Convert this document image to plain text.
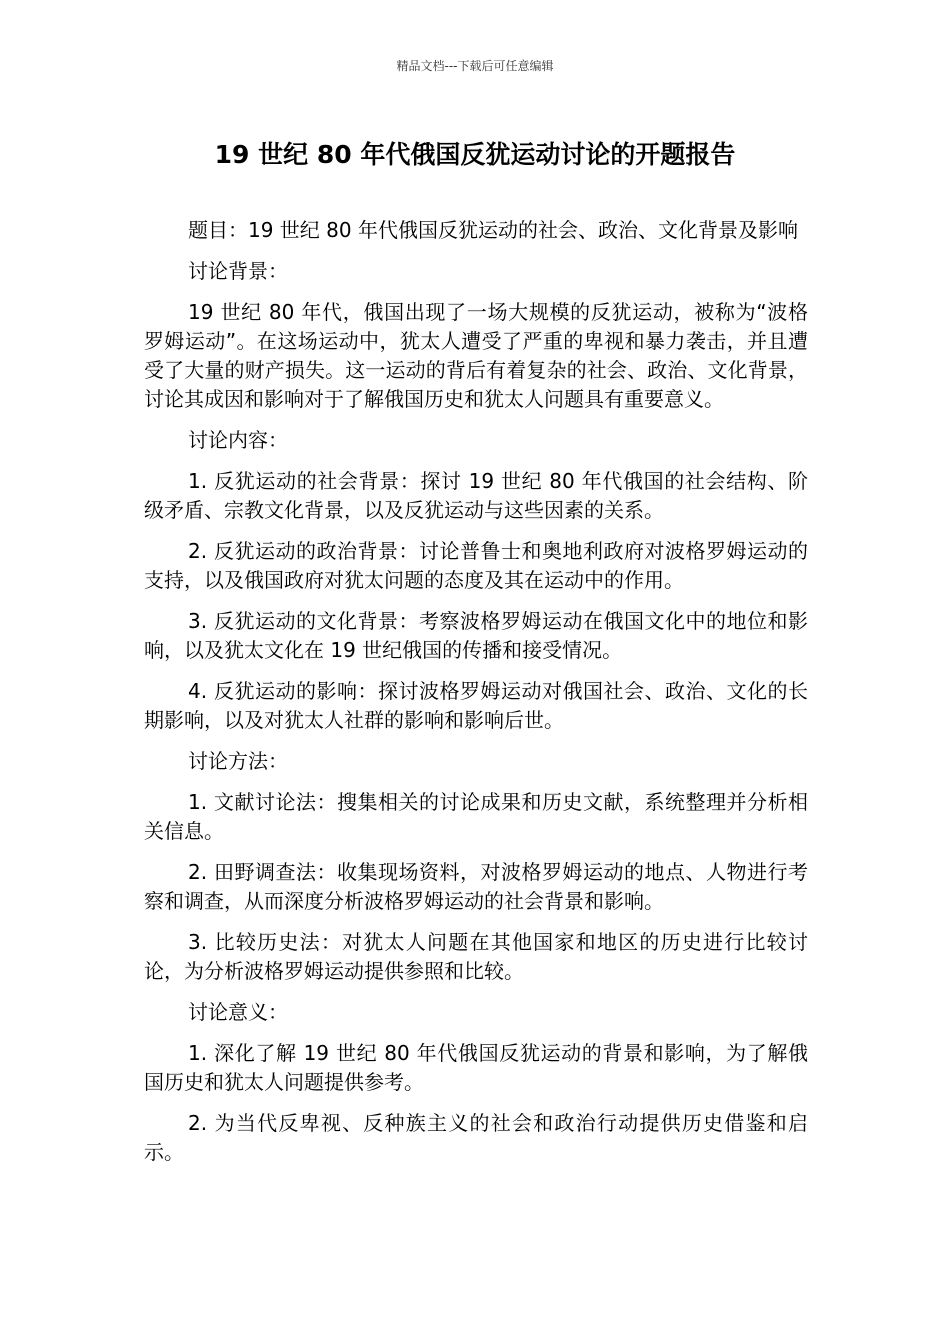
精品文档---下载后可任意编辑
19 世纪 80 年代俄国反犹运动讨论的开题报告

题目：19 世纪 80 年代俄国反犹运动的社会、政治、文化背景及影响

讨论背景：

19 世纪 80 年代，俄国出现了一场大规模的反犹运动，被称为“波格罗姆运动”。在这场运动中，犹太人遭受了严重的卑视和暴力袭击，并且遭受了大量的财产损失。这一运动的背后有着复杂的社会、政治、文化背景，讨论其成因和影响对于了解俄国历史和犹太人问题具有重要意义。

讨论内容：

1. 反犹运动的社会背景：探讨 19 世纪 80 年代俄国的社会结构、阶级矛盾、宗教文化背景，以及反犹运动与这些因素的关系。

2. 反犹运动的政治背景：讨论普鲁士和奥地利政府对波格罗姆运动的支持，以及俄国政府对犹太问题的态度及其在运动中的作用。

3. 反犹运动的文化背景：考察波格罗姆运动在俄国文化中的地位和影响，以及犹太文化在 19 世纪俄国的传播和接受情况。

4. 反犹运动的影响：探讨波格罗姆运动对俄国社会、政治、文化的长期影响，以及对犹太人社群的影响和影响后世。

讨论方法：

1. 文献讨论法：搜集相关的讨论成果和历史文献，系统整理并分析相关信息。

2. 田野调查法：收集现场资料，对波格罗姆运动的地点、人物进行考察和调查，从而深度分析波格罗姆运动的社会背景和影响。

3. 比较历史法：对犹太人问题在其他国家和地区的历史进行比较讨论，为分析波格罗姆运动提供参照和比较。

讨论意义：

1. 深化了解 19 世纪 80 年代俄国反犹运动的背景和影响，为了解俄国历史和犹太人问题提供参考。

2. 为当代反卑视、反种族主义的社会和政治行动提供历史借鉴和启示。
